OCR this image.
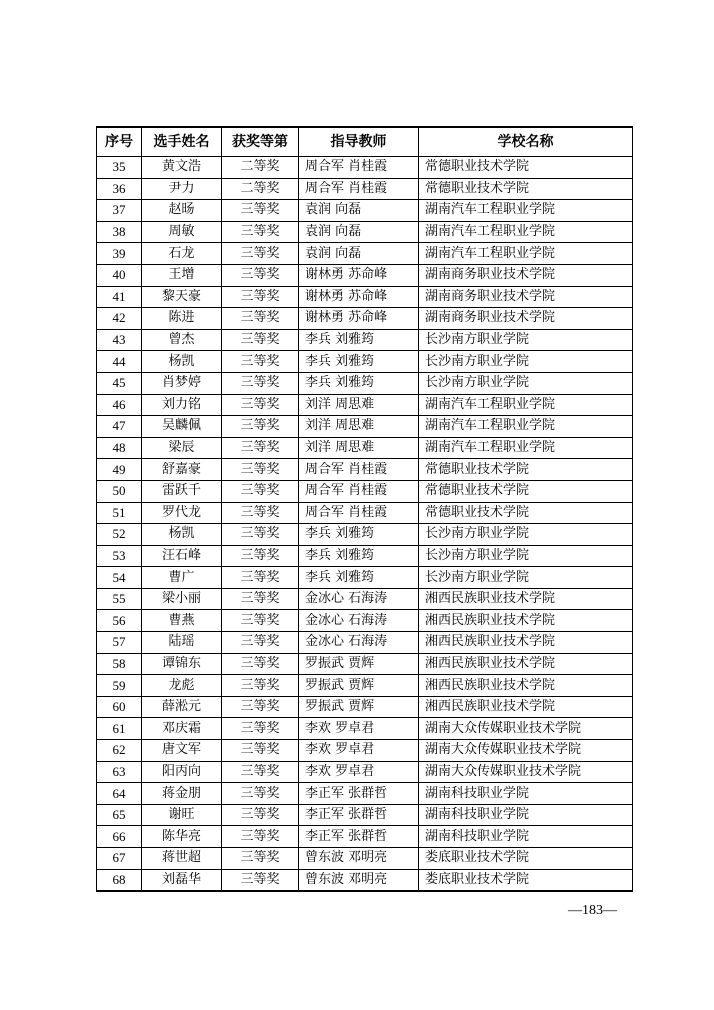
序号	选手姓名	获奖等第	指导教师	学校名称
35	黄文浩	二等奖	周合军 肖桂霞	常德职业技术学院
36	尹力	二等奖	周合军 肖桂霞	常德职业技术学院
37	赵旸	三等奖	袁润 向磊	湖南汽车工程职业学院
38	周敏	三等奖	袁润 向磊	湖南汽车工程职业学院
39	石龙	三等奖	袁润 向磊	湖南汽车工程职业学院
40	王增	三等奖	谢林勇 苏命峰	湖南商务职业技术学院
41	黎天豪	三等奖	谢林勇 苏命峰	湖南商务职业技术学院
42	陈进	三等奖	谢林勇 苏命峰	湖南商务职业技术学院
43	曾杰	三等奖	李兵 刘雅筠	长沙南方职业学院
44	杨凯	三等奖	李兵 刘雅筠	长沙南方职业学院
45	肖梦婷	三等奖	李兵 刘雅筠	长沙南方职业学院
46	刘力铭	三等奖	刘洋 周思难	湖南汽车工程职业学院
47	吴麟佩	三等奖	刘洋 周思难	湖南汽车工程职业学院
48	梁辰	三等奖	刘洋 周思难	湖南汽车工程职业学院
49	舒嘉豪	三等奖	周合军 肖桂霞	常德职业技术学院
50	雷跃千	三等奖	周合军 肖桂霞	常德职业技术学院
51	罗代龙	三等奖	周合军 肖桂霞	常德职业技术学院
52	杨凯	三等奖	李兵 刘雅筠	长沙南方职业学院
53	汪石峰	三等奖	李兵 刘雅筠	长沙南方职业学院
54	曹广	三等奖	李兵 刘雅筠	长沙南方职业学院
55	梁小丽	三等奖	金冰心 石海涛	湘西民族职业技术学院
56	曹燕	三等奖	金冰心 石海涛	湘西民族职业技术学院
57	陆瑶	三等奖	金冰心 石海涛	湘西民族职业技术学院
58	谭锦东	三等奖	罗振武 贾辉	湘西民族职业技术学院
59	龙彪	三等奖	罗振武 贾辉	湘西民族职业技术学院
60	薛淞元	三等奖	罗振武 贾辉	湘西民族职业技术学院
61	邓庆霜	三等奖	李欢 罗卓君	湖南大众传媒职业技术学院
62	唐文军	三等奖	李欢 罗卓君	湖南大众传媒职业技术学院
63	阳丙向	三等奖	李欢 罗卓君	湖南大众传媒职业技术学院
64	蒋金朋	三等奖	李正军 张群哲	湖南科技职业学院
65	谢旺	三等奖	李正军 张群哲	湖南科技职业学院
66	陈华亮	三等奖	李正军 张群哲	湖南科技职业学院
67	蒋世超	三等奖	曾东波 邓明亮	娄底职业技术学院
68	刘磊华	三等奖	曾东波 邓明亮	娄底职业技术学院
—183—
